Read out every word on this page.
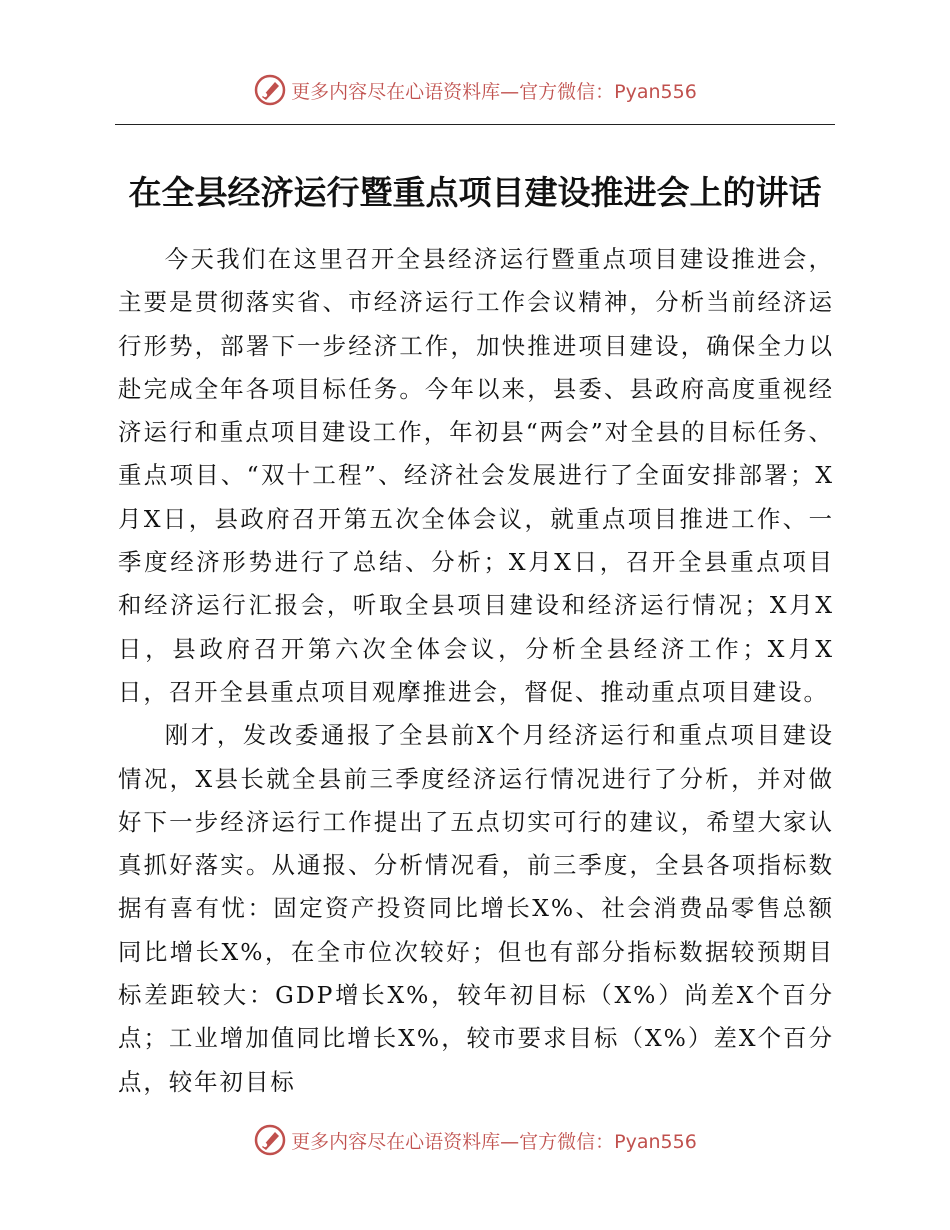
更多内容尽在心语资料库—官方微信：Pyan556
在全县经济运行暨重点项目建设推进会上的讲话

今天我们在这里召开全县经济运行暨重点项目建设推进会，主要是贯彻落实省、市经济运行工作会议精神，分析当前经济运行形势，部署下一步经济工作，加快推进项目建设，确保全力以赴完成全年各项目标任务。今年以来，县委、县政府高度重视经济运行和重点项目建设工作，年初县“两会”对全县的目标任务、重点项目、“双十工程”、经济社会发展进行了全面安排部署；X月X日，县政府召开第五次全体会议，就重点项目推进工作、一季度经济形势进行了总结、分析；X月X日，召开全县重点项目和经济运行汇报会，听取全县项目建设和经济运行情况；X月X日，县政府召开第六次全体会议，分析全县经济工作；X月X日，召开全县重点项目观摩推进会，督促、推动重点项目建设。

刚才，发改委通报了全县前X个月经济运行和重点项目建设情况，X县长就全县前三季度经济运行情况进行了分析，并对做好下一步经济运行工作提出了五点切实可行的建议，希望大家认真抓好落实。从通报、分析情况看，前三季度，全县各项指标数据有喜有忧：固定资产投资同比增长X%、社会消费品零售总额同比增长X%，在全市位次较好；但也有部分指标数据较预期目标差距较大：GDP增长X%，较年初目标（X%）尚差X个百分点；工业增加值同比增长X%，较市要求目标（X%）差X个百分点，较年初目标

更多内容尽在心语资料库—官方微信：Pyan556
